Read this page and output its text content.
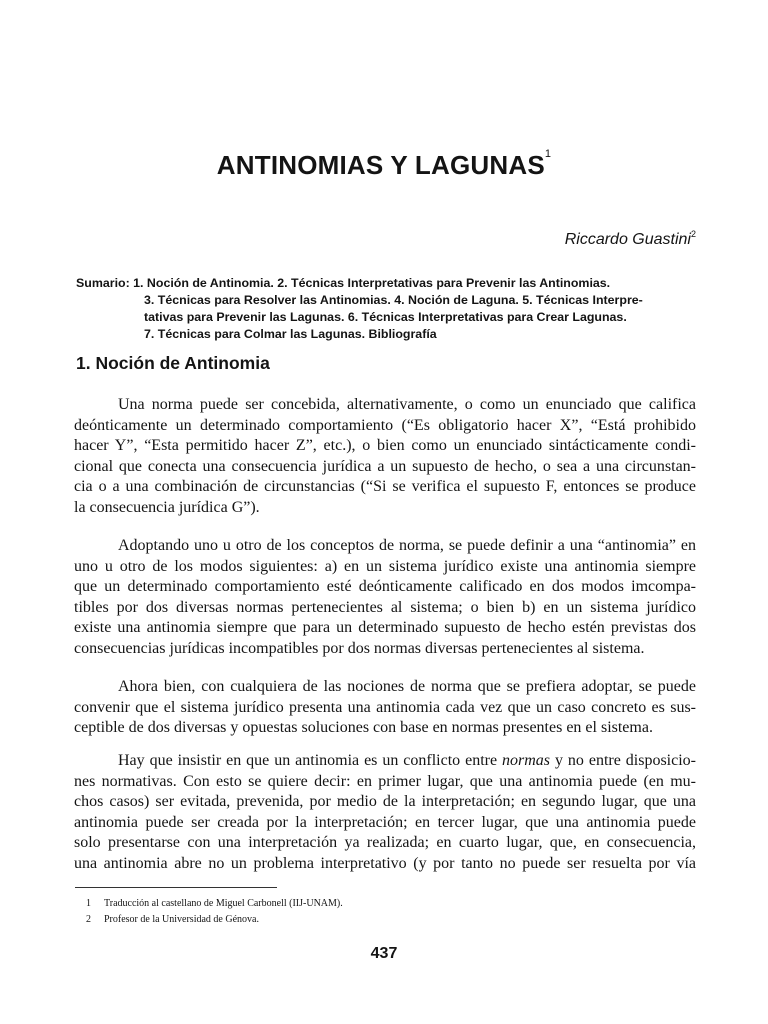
ANTINOMIAS Y LAGUNAS$^1$

Riccardo Guastini$^2$

Sumario: 1. Noción de Antinomia. 2. Técnicas Interpretativas para Prevenir las Antinomias.
3. Técnicas para Resolver las Antinomias. 4. Noción de Laguna. 5. Técnicas Interpre-
tativas para Prevenir las Lagunas. 6. Técnicas Interpretativas para Crear Lagunas.
7. Técnicas para Colmar las Lagunas. Bibliografía
1. Noción de Antinomia
Una norma puede ser concebida, alternativamente, o como un enunciado que califica
deónticamente un determinado comportamiento (“Es obligatorio hacer X”, “Está prohibido
hacer Y”, “Esta permitido hacer Z”, etc.), o bien como un enunciado sintácticamente condi-
cional que conecta una consecuencia jurídica a un supuesto de hecho, o sea a una circunstan-
cia o a una combinación de circunstancias (“Si se verifica el supuesto F, entonces se produce
la consecuencia jurídica G”).
Adoptando uno u otro de los conceptos de norma, se puede definir a una “antinomia” en
uno u otro de los modos siguientes: a) en un sistema jurídico existe una antinomia siempre
que un determinado comportamiento esté deónticamente calificado en dos modos imcompa-
tibles por dos diversas normas pertenecientes al sistema; o bien b) en un sistema jurídico
existe una antinomia siempre que para un determinado supuesto de hecho estén previstas dos
consecuencias jurídicas incompatibles por dos normas diversas pertenecientes al sistema.
Ahora bien, con cualquiera de las nociones de norma que se prefiera adoptar, se puede
convenir que el sistema jurídico presenta una antinomia cada vez que un caso concreto es sus-
ceptible de dos diversas y opuestas soluciones con base en normas presentes en el sistema.
Hay que insistir en que un antinomia es un conflicto entre normas y no entre disposicio-
nes normativas. Con esto se quiere decir: en primer lugar, que una antinomia puede (en mu-
chos casos) ser evitada, prevenida, por medio de la interpretación; en segundo lugar, que una
antinomia puede ser creada por la interpretación; en tercer lugar, que una antinomia puede
solo presentarse con una interpretación ya realizada; en cuarto lugar, que, en consecuencia,
una antinomia abre no un problema interpretativo (y por tanto no puede ser resuelta por vía
1 Traducción al castellano de Miguel Carbonell (IIJ-UNAM).
2 Profesor de la Universidad de Génova.
437
